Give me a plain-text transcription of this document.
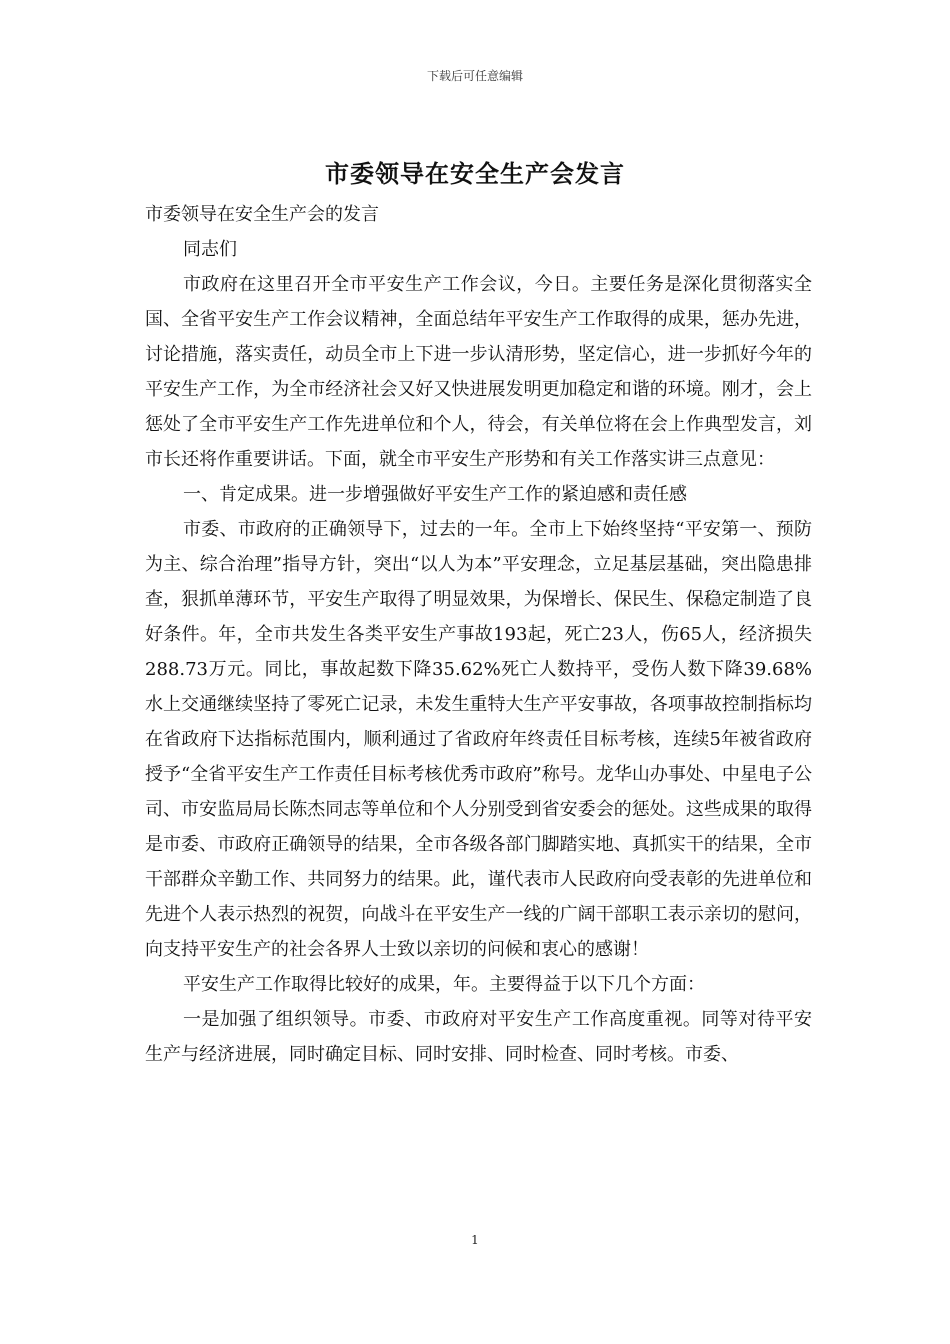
下载后可任意编辑
市委领导在安全生产会发言

市委领导在安全生产会的发言

同志们

市政府在这里召开全市平安生产工作会议，今日。主要任务是深化贯彻落实全国、全省平安生产工作会议精神，全面总结年平安生产工作取得的成果，惩办先进，讨论措施，落实责任，动员全市上下进一步认清形势，坚定信心，进一步抓好今年的平安生产工作，为全市经济社会又好又快进展发明更加稳定和谐的环境。刚才，会上惩处了全市平安生产工作先进单位和个人，待会，有关单位将在会上作典型发言，刘市长还将作重要讲话。下面，就全市平安生产形势和有关工作落实讲三点意见：

一、肯定成果。进一步增强做好平安生产工作的紧迫感和责任感

市委、市政府的正确领导下，过去的一年。全市上下始终坚持“平安第一、预防为主、综合治理”指导方针，突出“以人为本”平安理念，立足基层基础，突出隐患排查，狠抓单薄环节，平安生产取得了明显效果，为保增长、保民生、保稳定制造了良好条件。年，全市共发生各类平安生产事故193起，死亡23人，伤65人，经济损失288.73万元。同比，事故起数下降35.62%死亡人数持平，受伤人数下降39.68%水上交通继续坚持了零死亡记录，未发生重特大生产平安事故，各项事故控制指标均在省政府下达指标范围内，顺利通过了省政府年终责任目标考核，连续5年被省政府授予“全省平安生产工作责任目标考核优秀市政府”称号。龙华山办事处、中星电子公司、市安监局局长陈杰同志等单位和个人分别受到省安委会的惩处。这些成果的取得是市委、市政府正确领导的结果，全市各级各部门脚踏实地、真抓实干的结果，全市干部群众辛勤工作、共同努力的结果。此，谨代表市人民政府向受表彰的先进单位和先进个人表示热烈的祝贺，向战斗在平安生产一线的广阔干部职工表示亲切的慰问，向支持平安生产的社会各界人士致以亲切的问候和衷心的感谢！

平安生产工作取得比较好的成果，年。主要得益于以下几个方面：

一是加强了组织领导。市委、市政府对平安生产工作高度重视。同等对待平安生产与经济进展，同时确定目标、同时安排、同时检查、同时考核。市委、

1
